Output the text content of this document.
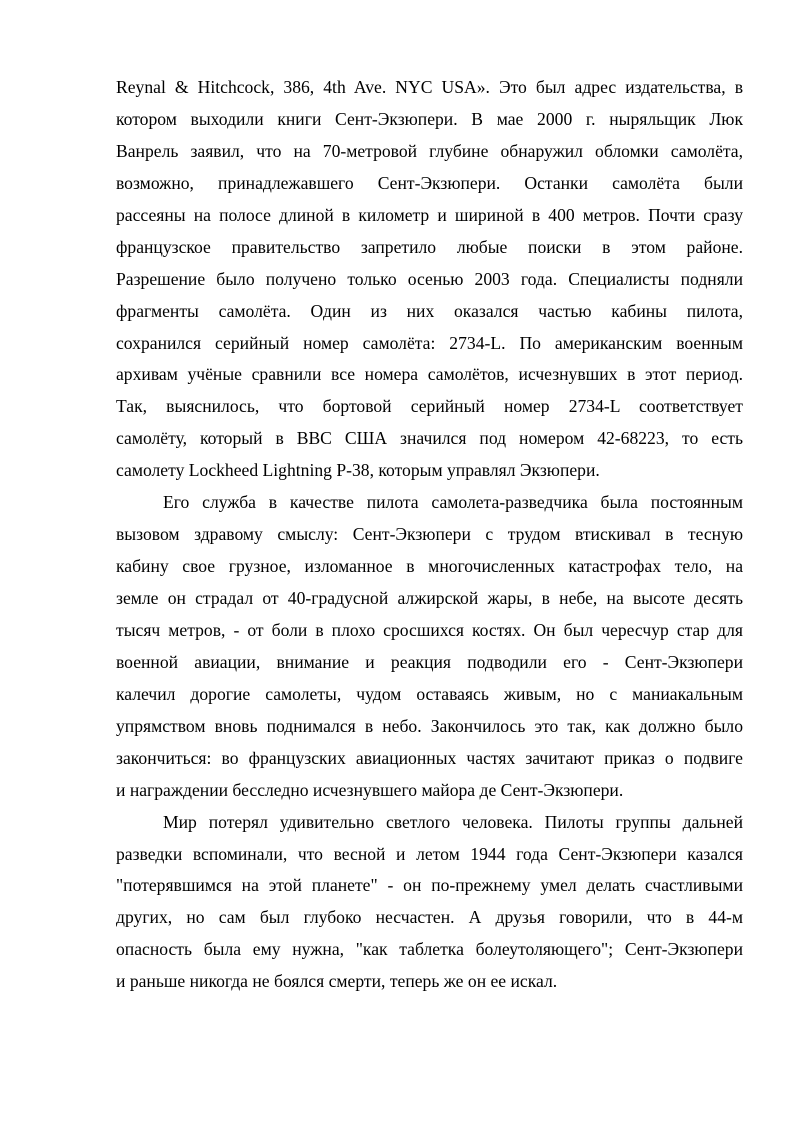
Reynal & Hitchcock, 386, 4th Ave. NYC USA». Это был адрес издательства, в
котором выходили книги Сент-Экзюпери. В мае 2000 г. ныряльщик Люк
Ванрель заявил, что на 70-метровой глубине обнаружил обломки самолёта,
возможно, принадлежавшего Сент-Экзюпери. Останки самолёта были
рассеяны на полосе длиной в километр и шириной в 400 метров. Почти сразу
французское правительство запретило любые поиски в этом районе.
Разрешение было получено только осенью 2003 года. Специалисты подняли
фрагменты самолёта. Один из них оказался частью кабины пилота,
сохранился серийный номер самолёта: 2734-L. По американским военным
архивам учёные сравнили все номера самолётов, исчезнувших в этот период.
Так, выяснилось, что бортовой серийный номер 2734-L соответствует
самолёту, который в ВВС США значился под номером 42-68223, то есть
самолету Lockheed Lightning P-38, которым управлял Экзюпери.

Его служба в качестве пилота самолета-разведчика была постоянным
вызовом здравому смыслу: Сент-Экзюпери с трудом втискивал в тесную
кабину свое грузное, изломанное в многочисленных катастрофах тело, на
земле он страдал от 40-градусной алжирской жары, в небе, на высоте десять
тысяч метров, - от боли в плохо сросшихся костях. Он был чересчур стар для
военной авиации, внимание и реакция подводили его - Сент-Экзюпери
калечил дорогие самолеты, чудом оставаясь живым, но с маниакальным
упрямством вновь поднимался в небо. Закончилось это так, как должно было
закончиться: во французских авиационных частях зачитают приказ о подвиге
и награждении бесследно исчезнувшего майора де Сент-Экзюпери.

Мир потерял удивительно светлого человека. Пилоты группы дальней
разведки вспоминали, что весной и летом 1944 года Сент-Экзюпери казался
"потерявшимся на этой планете" - он по-прежнему умел делать счастливыми
других, но сам был глубоко несчастен. А друзья говорили, что в 44-м
опасность была ему нужна, "как таблетка болеутоляющего"; Сент-Экзюпери
и раньше никогда не боялся смерти, теперь же он ее искал.
